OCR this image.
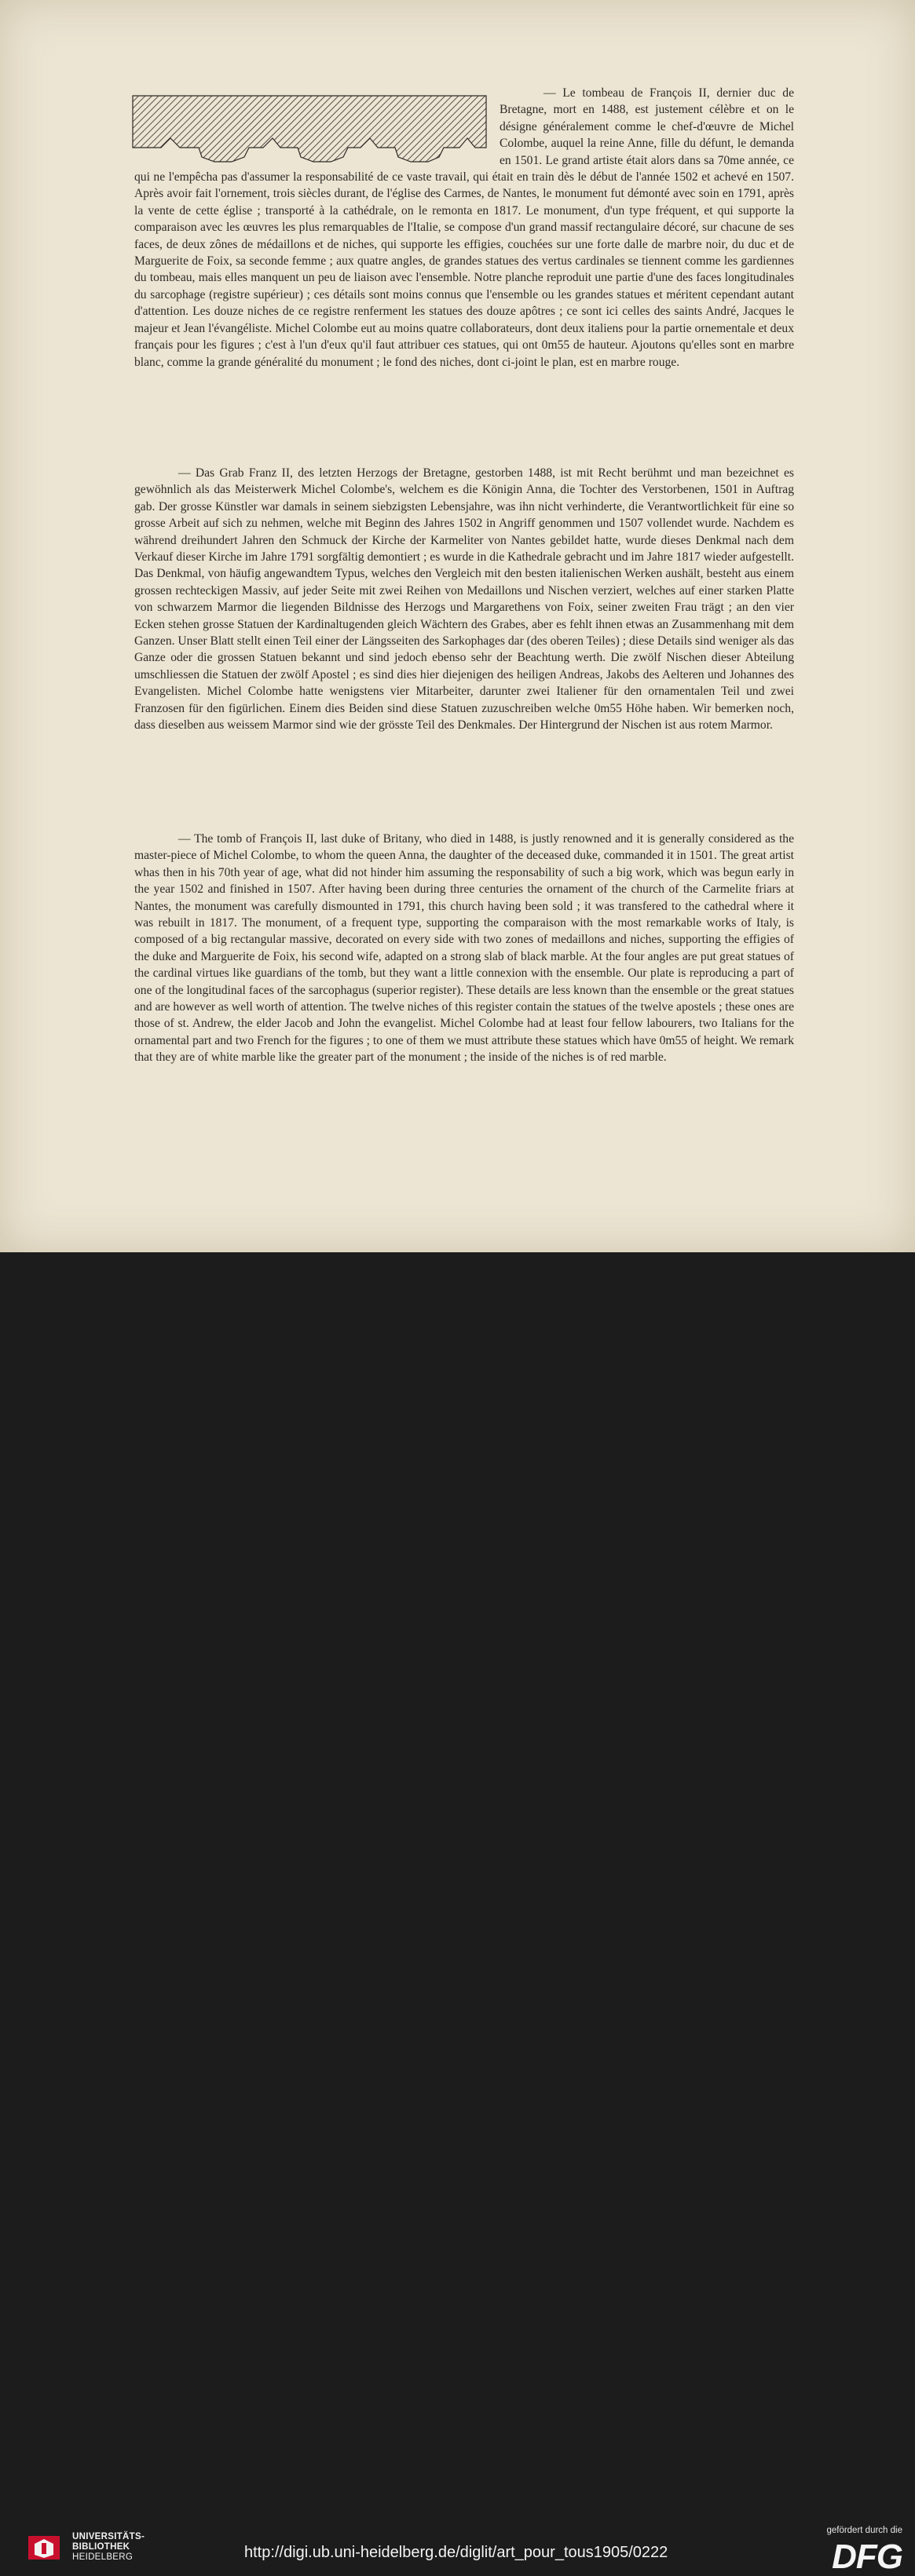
— Le tombeau de François II, dernier duc de Bretagne, mort en 1488, est justement célèbre et on le désigne généralement comme le chef-d'œuvre de Michel Colombe, auquel la reine Anne, fille du défunt, le demanda en 1501. Le grand artiste était alors dans sa 70me année, ce qui ne l'empêcha pas d'assumer la responsabilité de ce vaste travail, qui était en train dès le début de l'année 1502 et achevé en 1507. Après avoir fait l'ornement, trois siècles durant, de l'église des Carmes, de Nantes, le monument fut démonté avec soin en 1791, après la vente de cette église ; transporté à la cathédrale, on le remonta en 1817. Le monument, d'un type fréquent, et qui supporte la comparaison avec les œuvres les plus remarquables de l'Italie, se compose d'un grand massif rectangulaire décoré, sur chacune de ses faces, de deux zônes de médaillons et de niches, qui supporte les effigies, couchées sur une forte dalle de marbre noir, du duc et de Marguerite de Foix, sa seconde femme ; aux quatre angles, de grandes statues des vertus cardinales se tiennent comme les gardiennes du tombeau, mais elles manquent un peu de liaison avec l'ensemble. Notre planche reproduit une partie d'une des faces longitudinales du sarcophage (registre supérieur) ; ces détails sont moins connus que l'ensemble ou les grandes statues et méritent cependant autant d'attention. Les douze niches de ce registre renferment les statues des douze apôtres ; ce sont ici celles des saints André, Jacques le majeur et Jean l'évangéliste. Michel Colombe eut au moins quatre collaborateurs, dont deux italiens pour la partie ornementale et deux français pour les figures ; c'est à l'un d'eux qu'il faut attribuer ces statues, qui ont 0m55 de hauteur. Ajoutons qu'elles sont en marbre blanc, comme la grande généralité du monument ; le fond des niches, dont ci-joint le plan, est en marbre rouge.

— Das Grab Franz II, des letzten Herzogs der Bretagne, gestorben 1488, ist mit Recht berühmt und man bezeichnet es gewöhnlich als das Meisterwerk Michel Colombe's, welchem es die Königin Anna, die Tochter des Verstorbenen, 1501 in Auftrag gab. Der grosse Künstler war damals in seinem siebzigsten Lebensjahre, was ihn nicht verhinderte, die Verantwortlichkeit für eine so grosse Arbeit auf sich zu nehmen, welche mit Beginn des Jahres 1502 in Angriff genommen und 1507 vollendet wurde. Nachdem es während dreihundert Jahren den Schmuck der Kirche der Karmeliter von Nantes gebildet hatte, wurde dieses Denkmal nach dem Verkauf dieser Kirche im Jahre 1791 sorgfältig demontiert ; es wurde in die Kathedrale gebracht und im Jahre 1817 wieder aufgestellt. Das Denkmal, von häufig angewandtem Typus, welches den Vergleich mit den besten italienischen Werken aushält, besteht aus einem grossen rechteckigen Massiv, auf jeder Seite mit zwei Reihen von Medaillons und Nischen verziert, welches auf einer starken Platte von schwarzem Marmor die liegenden Bildnisse des Herzogs und Margarethens von Foix, seiner zweiten Frau trägt ; an den vier Ecken stehen grosse Statuen der Kardinaltugenden gleich Wächtern des Grabes, aber es fehlt ihnen etwas an Zusammenhang mit dem Ganzen. Unser Blatt stellt einen Teil einer der Längsseiten des Sarkophages dar (des oberen Teiles) ; diese Details sind weniger als das Ganze oder die grossen Statuen bekannt und sind jedoch ebenso sehr der Beachtung werth. Die zwölf Nischen dieser Abteilung umschliessen die Statuen der zwölf Apostel ; es sind dies hier diejenigen des heiligen Andreas, Jakobs des Aelteren und Johannes des Evangelisten. Michel Colombe hatte wenigstens vier Mitarbeiter, darunter zwei Italiener für den ornamentalen Teil und zwei Franzosen für den figürlichen. Einem dies Beiden sind diese Statuen zuzuschreiben welche 0m55 Höhe haben. Wir bemerken noch, dass dieselben aus weissem Marmor sind wie der grösste Teil des Denkmales. Der Hintergrund der Nischen ist aus rotem Marmor.

— The tomb of François II, last duke of Britany, who died in 1488, is justly renowned and it is generally considered as the master-piece of Michel Colombe, to whom the queen Anna, the daughter of the deceased duke, commanded it in 1501. The great artist whas then in his 70th year of age, what did not hinder him assuming the responsability of such a big work, which was begun early in the year 1502 and finished in 1507. After having been during three centuries the ornament of the church of the Carmelite friars at Nantes, the monument was carefully dismounted in 1791, this church having been sold ; it was transfered to the cathedral where it was rebuilt in 1817. The monument, of a frequent type, supporting the comparaison with the most remarkable works of Italy, is composed of a big rectangular massive, decorated on every side with two zones of medaillons and niches, supporting the effigies of the duke and Marguerite de Foix, his second wife, adapted on a strong slab of black marble. At the four angles are put great statues of the cardinal virtues like guardians of the tomb, but they want a little connexion with the ensemble. Our plate is reproducing a part of one of the longitudinal faces of the sarcophagus (superior register). These details are less known than the ensemble or the great statues and are however as well worth of attention. The twelve niches of this register contain the statues of the twelve apostels ; these ones are those of st. Andrew, the elder Jacob and John the evangelist. Michel Colombe had at least four fellow labourers, two Italians for the ornamental part and two French for the figures ; to one of them we must attribute these statues which have 0m55 of height. We remark that they are of white marble like the greater part of the monument ; the inside of the niches is of red marble.

UNIVERSITÄTS-
BIBLIOTHEK
HEIDELBERG	http://digi.ub.uni-heidelberg.de/diglit/art_pour_tous1905/0222
gefördert durch die
DFG
